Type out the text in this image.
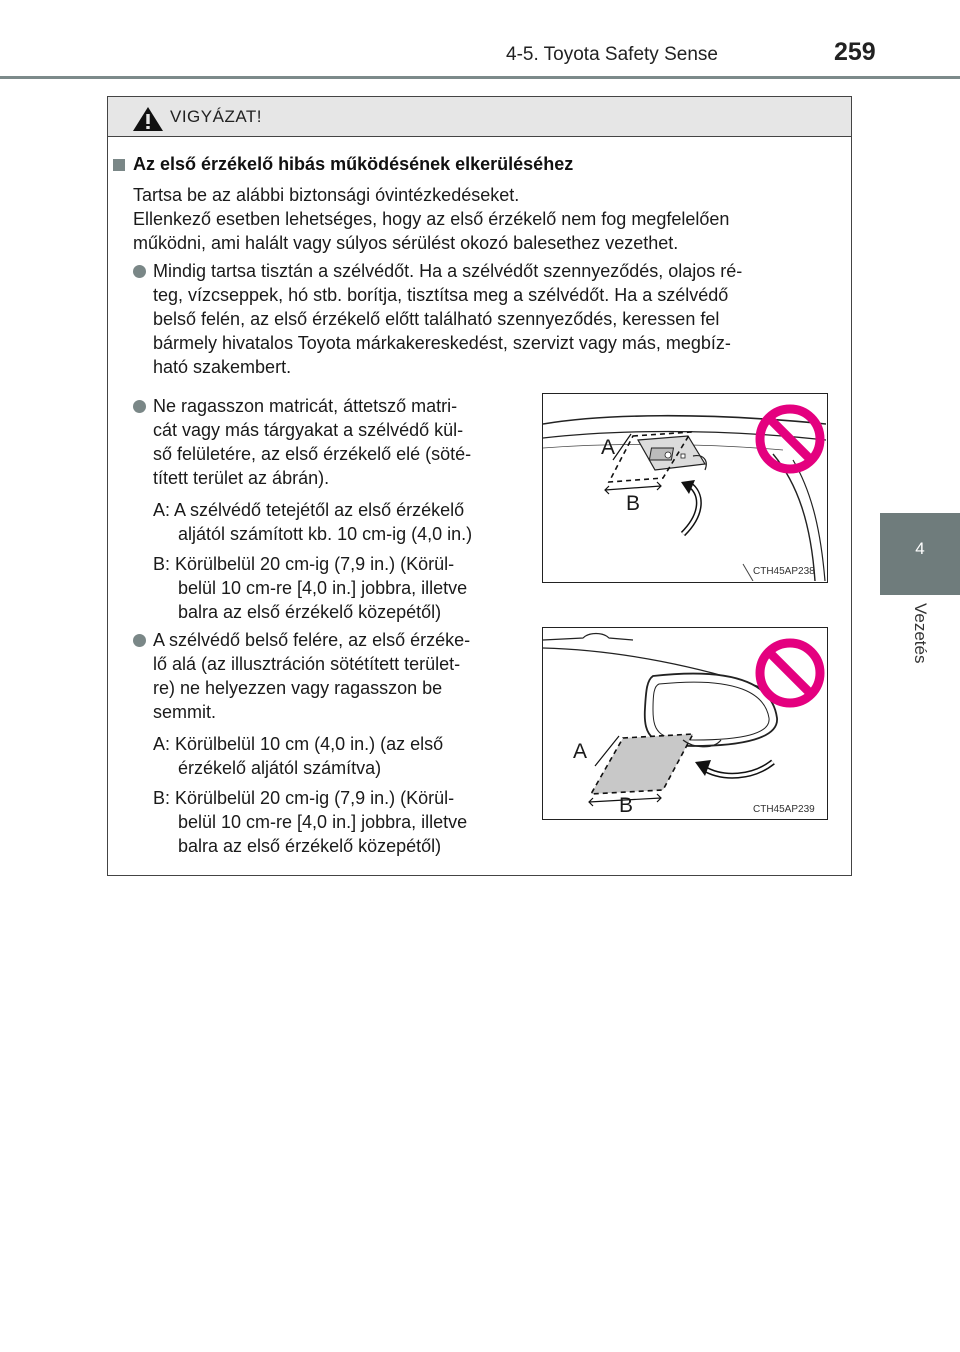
4-5. Toyota Safety Sense	259
4
Vezetés
VIGYÁZAT!
Az első érzékelő hibás működésének elkerüléséhez
Tartsa be az alábbi biztonsági óvintézkedéseket.
Ellenkező esetben lehetséges, hogy az első érzékelő nem fog megfelelően
működni, ami halált vagy súlyos sérülést okozó balesethez vezethet.
Mindig tartsa tisztán a szélvédőt. Ha a szélvédőt szennyeződés, olajos ré-
teg, vízcseppek, hó stb. borítja, tisztítsa meg a szélvédőt. Ha a szélvédő
belső felén, az első érzékelő előtt található szennyeződés, keressen fel
bármely hivatalos Toyota márkakereskedést, szervizt vagy más, megbíz-
ható szakembert.
Ne ragasszon matricát, áttetsző matri-
cát vagy más tárgyakat a szélvédő kül-
ső felületére, az első érzékelő elé (söté-
tített terület az ábrán).
A: A szélvédő tetejétől az első érzékelő
aljától számított kb. 10 cm-ig (4,0 in.)
B: Körülbelül 20 cm-ig (7,9 in.) (Körül-
belül 10 cm-re [4,0 in.] jobbra, illetve
balra az első érzékelő közepétől)
A szélvédő belső felére, az első érzéke-
lő alá (az illusztráción sötétített terület-
re) ne helyezzen vagy ragasszon be
semmit.
A: Körülbelül 10 cm (4,0 in.) (az első
érzékelő aljától számítva)
B: Körülbelül 20 cm-ig (7,9 in.) (Körül-
belül 10 cm-re [4,0 in.] jobbra, illetve
balra az első érzékelő közepétől)
A
B
CTH45AP238
A
B	CTH45AP239
